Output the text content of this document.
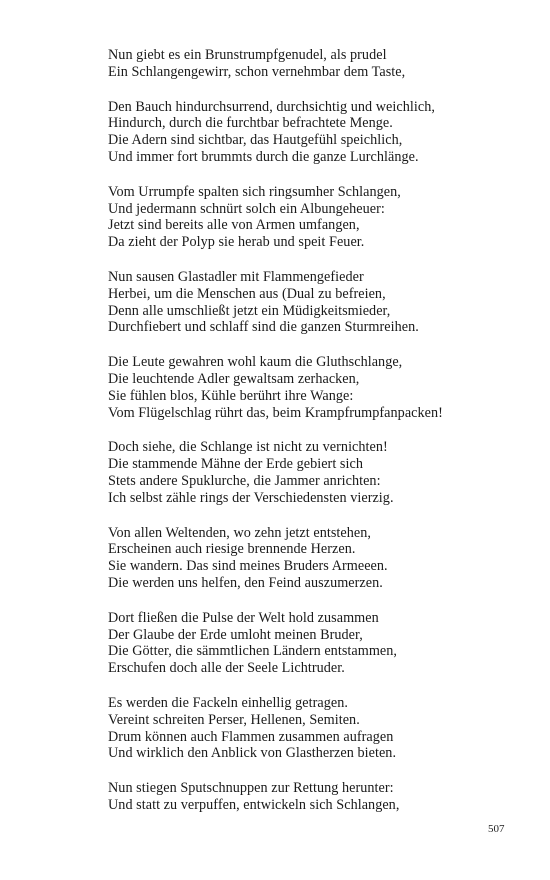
Nun giebt es ein Brunstrumpfgenudel, als prudel
Ein Schlangengewirr, schon vernehmbar dem Taste,
Den Bauch hindurchsurrend, durchsichtig und weichlich,
Hindurch, durch die furchtbar befrachtete Menge.
Die Adern sind sichtbar, das Hautgefühl speichlich,
Und immer fort brummts durch die ganze Lurchlänge.
Vom Urrumpfe spalten sich ringsumher Schlangen,
Und jedermann schnürt solch ein Albungeheuer:
Jetzt sind bereits alle von Armen umfangen,
Da zieht der Polyp sie herab und speit Feuer.
Nun sausen Glastadler mit Flammengefieder
Herbei, um die Menschen aus (Dual zu befreien,
Denn alle umschließt jetzt ein Müdigkeitsmieder,
Durchfiebert und schlaff sind die ganzen Sturmreihen.
Die Leute gewahren wohl kaum die Gluthschlange,
Die leuchtende Adler gewaltsam zerhacken,
Sie fühlen blos, Kühle berührt ihre Wange:
Vom Flügelschlag rührt das, beim Krampfrumpfanpacken!
Doch siehe, die Schlange ist nicht zu vernichten!
Die stammende Mähne der Erde gebiert sich
Stets andere Spuklurche, die Jammer anrichten:
Ich selbst zähle rings der Verschiedensten vierzig.
Von allen Weltenden, wo zehn jetzt entstehen,
Erscheinen auch riesige brennende Herzen.
Sie wandern. Das sind meines Bruders Armeeen.
Die werden uns helfen, den Feind auszumerzen.
Dort fließen die Pulse der Welt hold zusammen
Der Glaube der Erde umloht meinen Bruder,
Die Götter, die sämmtlichen Ländern entstammen,
Erschufen doch alle der Seele Lichtruder.
Es werden die Fackeln einhellig getragen.
Vereint schreiten Perser, Hellenen, Semiten.
Drum können auch Flammen zusammen aufragen
Und wirklich den Anblick von Glastherzen bieten.
Nun stiegen Sputschnuppen zur Rettung herunter:
Und statt zu verpuffen, entwickeln sich Schlangen,
507
